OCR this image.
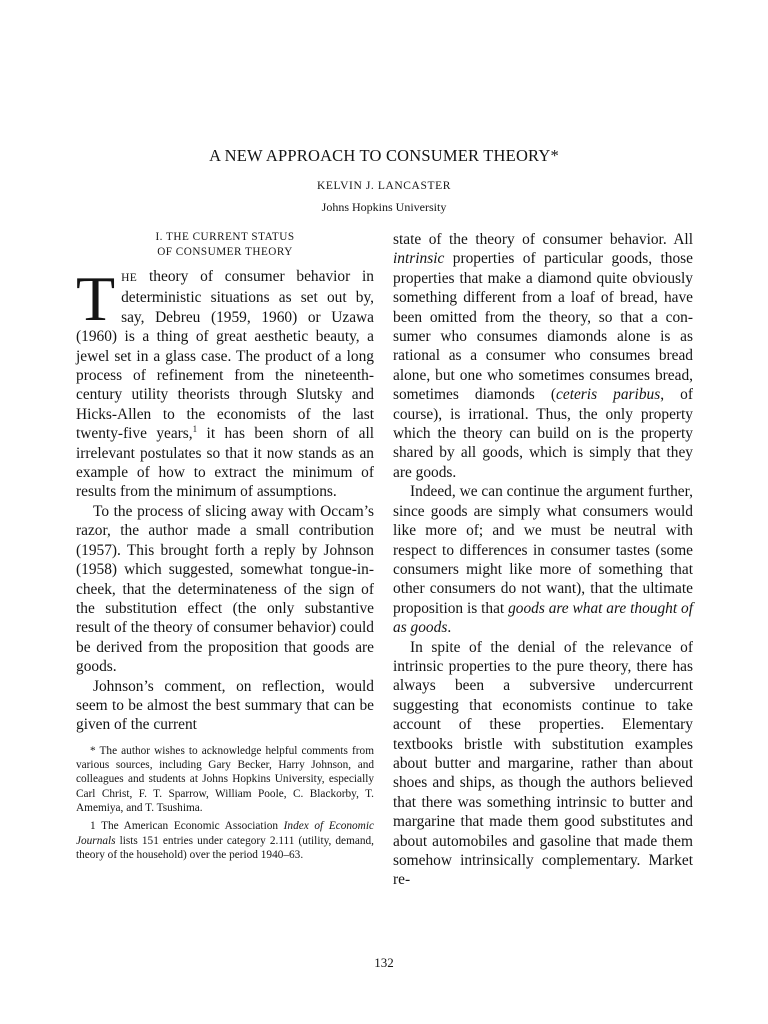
A NEW APPROACH TO CONSUMER THEORY*
KELVIN J. LANCASTER
Johns Hopkins University
I. THE CURRENT STATUS
OF CONSUMER THEORY

THE theory of consumer behavior in deterministic situations as set out by, say, Debreu (1959, 1960) or Uzawa (1960) is a thing of great aesthetic beauty, a jewel set in a glass case. The product of a long process of refinement from the nineteenth-century utility theorists through Slutsky and Hicks-Allen to the economists of the last twenty-five years,$^1$ it has been shorn of all irrelevant postulates so that it now stands as an example of how to extract the minimum of results from the minimum of assumptions.

To the process of slicing away with Occam’s razor, the author made a small contribution (1957). This brought forth a reply by Johnson (1958) which suggested, somewhat tongue-in-cheek, that the determinateness of the sign of the substitution effect (the only substantive result of the theory of consumer behavior) could be derived from the proposition that goods are goods.

Johnson’s comment, on reflection, would seem to be almost the best summary that can be given of the current

* The author wishes to acknowledge helpful comments from various sources, including Gary Becker, Harry Johnson, and colleagues and students at Johns Hopkins University, especially Carl Christ, F. T. Sparrow, William Poole, C. Blackorby, T. Amemiya, and T. Tsushima.

1 The American Economic Association Index of Economic Journals lists 151 entries under category 2.111 (utility, demand, theory of the household) over the period 1940–63.

state of the theory of consumer behavior. All intrinsic properties of particular goods, those properties that make a diamond quite obviously something different from a loaf of bread, have been omitted from the theory, so that a consumer who consumes diamonds alone is as rational as a consumer who consumes bread alone, but one who sometimes consumes bread, sometimes diamonds (ceteris paribus, of course), is irrational. Thus, the only property which the theory can build on is the property shared by all goods, which is simply that they are goods.

Indeed, we can continue the argument further, since goods are simply what consumers would like more of; and we must be neutral with respect to differences in consumer tastes (some consumers might like more of something that other consumers do not want), that the ultimate proposition is that goods are what are thought of as goods.

In spite of the denial of the relevance of intrinsic properties to the pure theory, there has always been a subversive undercurrent suggesting that economists continue to take account of these properties. Elementary textbooks bristle with substitution examples about butter and margarine, rather than about shoes and ships, as though the authors believed that there was something intrinsic to butter and margarine that made them good substitutes and about automobiles and gasoline that made them somehow intrinsically complementary. Market re-

132
